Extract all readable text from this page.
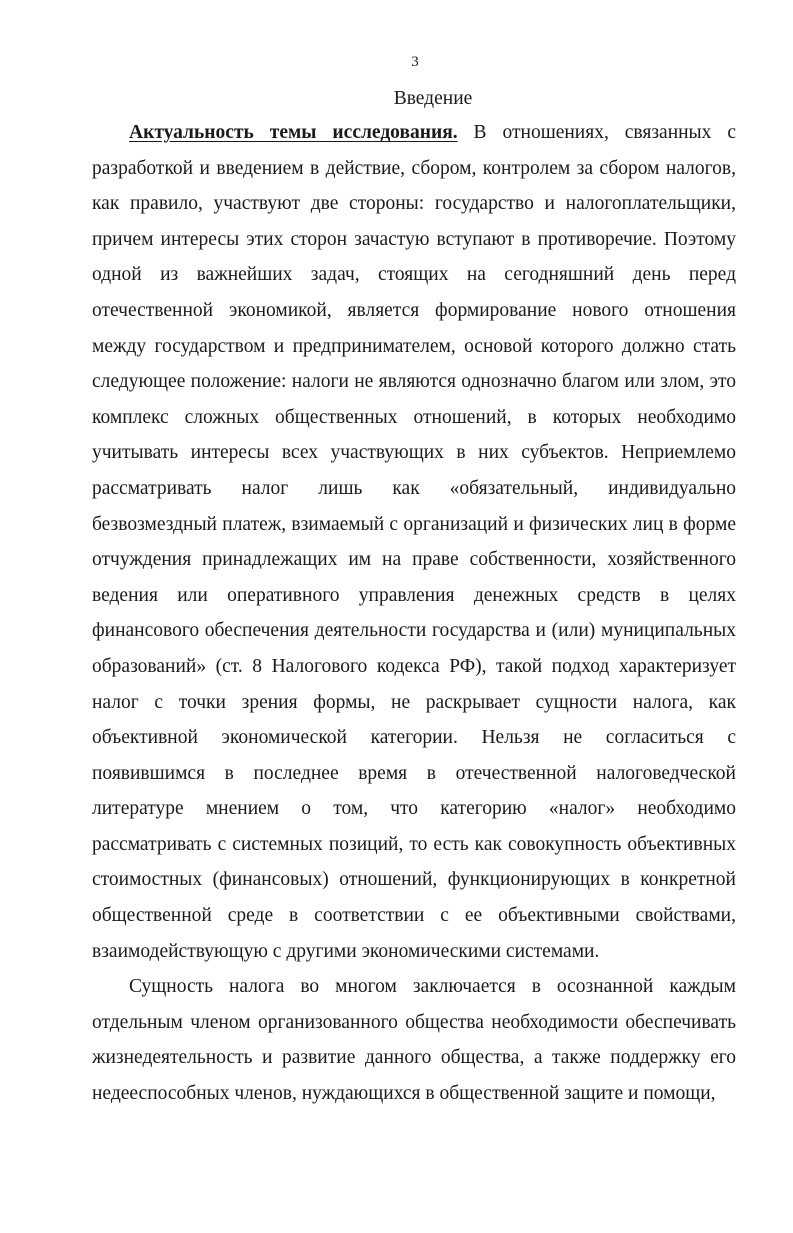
3
Введение

Актуальность темы исследования. В отношениях, связанных с разработкой и введением в действие, сбором, контролем за сбором налогов, как правило, участвуют две стороны: государство и налогоплательщики, причем интересы этих сторон зачастую вступают в противоречие. Поэтому одной из важнейших задач, стоящих на сегодняшний день перед отечественной экономикой, является формирование нового отношения между государством и предпринимателем, основой которого должно стать следующее положение: налоги не являются однозначно благом или злом, это комплекс сложных общественных отношений, в которых необходимо учитывать интересы всех участвующих в них субъектов. Неприемлемо рассматривать налог лишь как «обязательный, индивидуально безвозмездный платеж, взимаемый с организаций и физических лиц в форме отчуждения принадлежащих им на праве собственности, хозяйственного ведения или оперативного управления денежных средств в целях финансового обеспечения деятельности государства и (или) муниципальных образований» (ст. 8 Налогового кодекса РФ), такой подход характеризует налог с точки зрения формы, не раскрывает сущности налога, как объективной экономической категории. Нельзя не согласиться с появившимся в последнее время в отечественной налоговедческой литературе мнением о том, что категорию «налог» необходимо рассматривать с системных позиций, то есть как совокупность объективных стоимостных (финансовых) отношений, функционирующих в конкретной общественной среде в соответствии с ее объективными свойствами, взаимодействующую с другими экономическими системами.

Сущность налога во многом заключается в осознанной каждым отдельным членом организованного общества необходимости обеспечивать жизнедеятельность и развитие данного общества, а также поддержку его недееспособных членов, нуждающихся в общественной защите и помощи,
